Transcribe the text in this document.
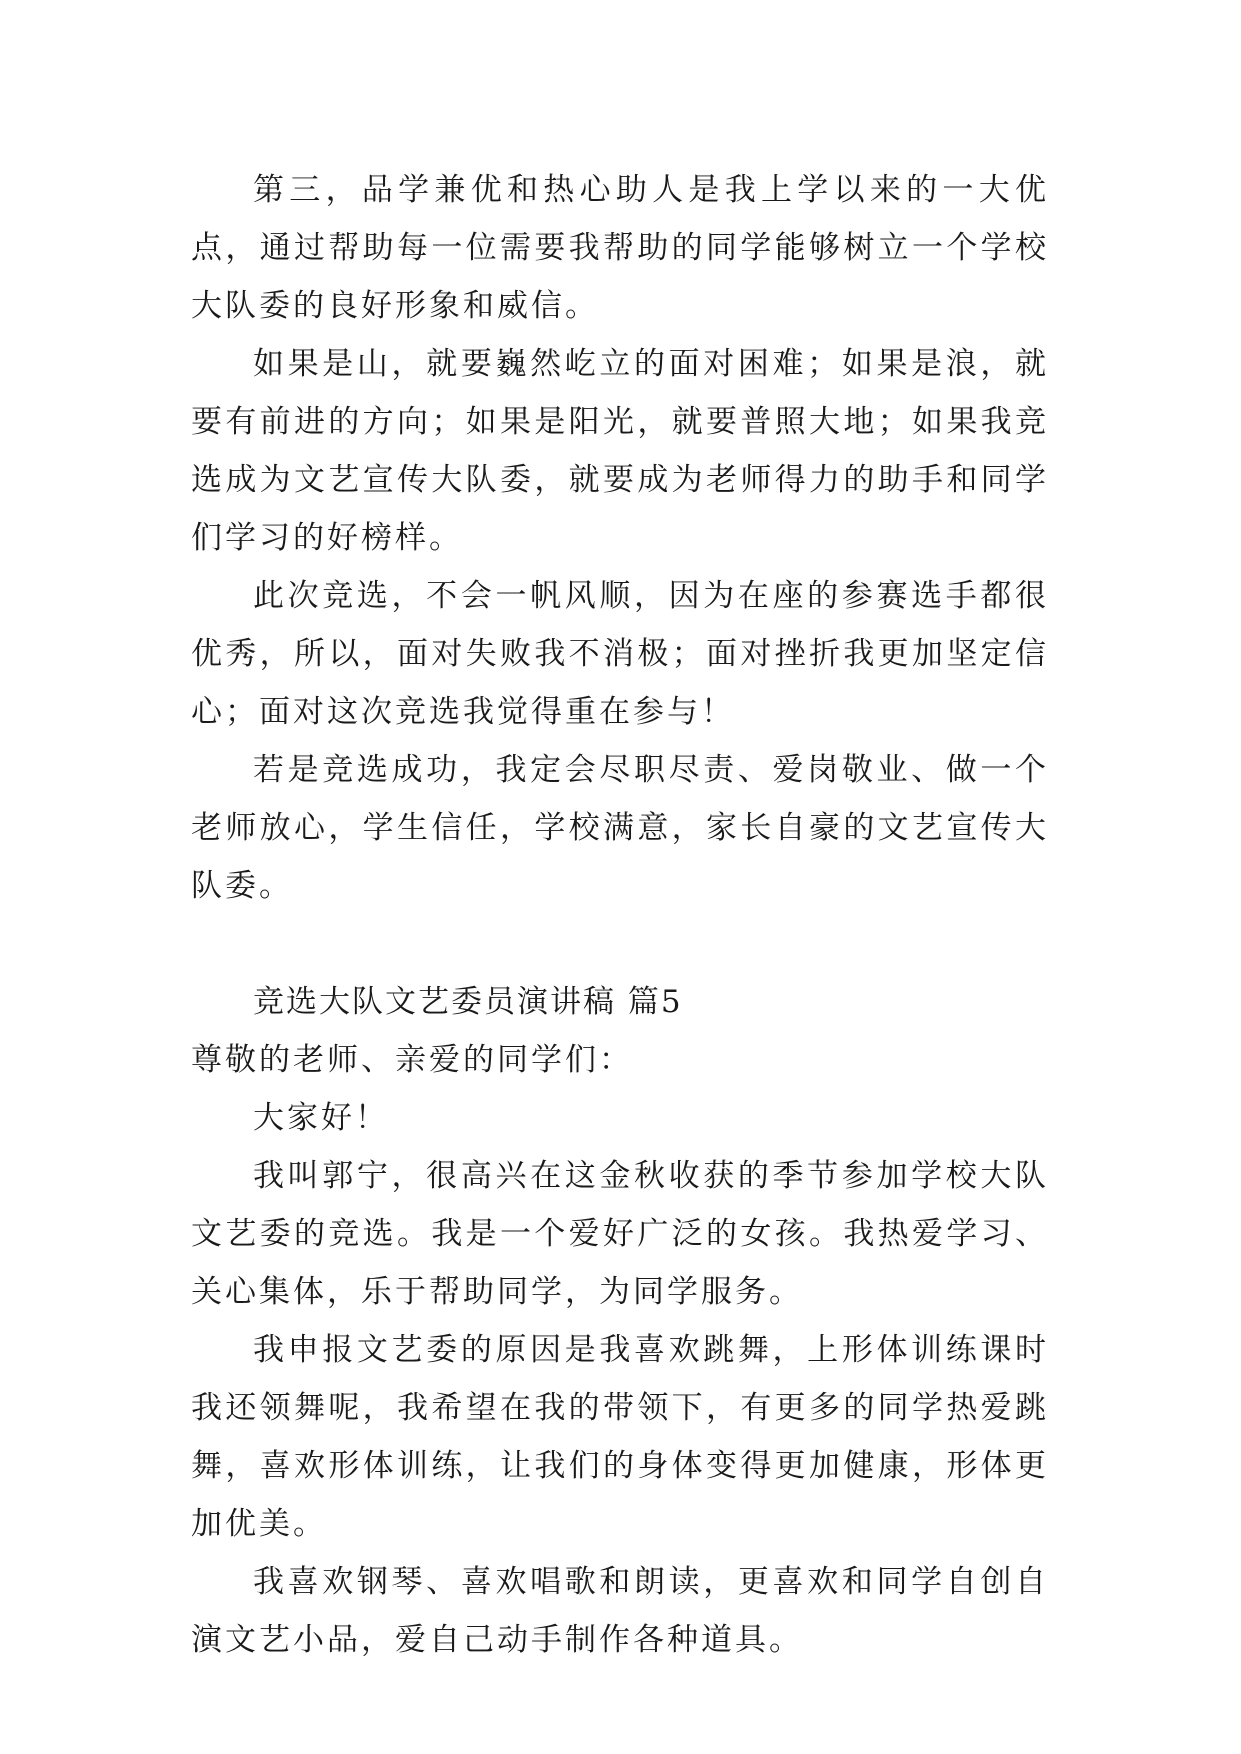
第三，品学兼优和热心助人是我上学以来的一大优点，通过帮助每一位需要我帮助的同学能够树立一个学校大队委的良好形象和威信。

如果是山，就要巍然屹立的面对困难；如果是浪，就要有前进的方向；如果是阳光，就要普照大地；如果我竞选成为文艺宣传大队委，就要成为老师得力的助手和同学们学习的好榜样。

此次竞选，不会一帆风顺，因为在座的参赛选手都很优秀，所以，面对失败我不消极；面对挫折我更加坚定信心；面对这次竞选我觉得重在参与！

若是竞选成功，我定会尽职尽责、爱岗敬业、做一个老师放心，学生信任，学校满意，家长自豪的文艺宣传大队委。

竞选大队文艺委员演讲稿 篇5

尊敬的老师、亲爱的同学们：

大家好！

我叫郭宁，很高兴在这金秋收获的季节参加学校大队文艺委的竞选。我是一个爱好广泛的女孩。我热爱学习、关心集体，乐于帮助同学，为同学服务。

我申报文艺委的原因是我喜欢跳舞，上形体训练课时我还领舞呢，我希望在我的带领下，有更多的同学热爱跳舞，喜欢形体训练，让我们的身体变得更加健康，形体更加优美。

我喜欢钢琴、喜欢唱歌和朗读，更喜欢和同学自创自演文艺小品，爱自己动手制作各种道具。
